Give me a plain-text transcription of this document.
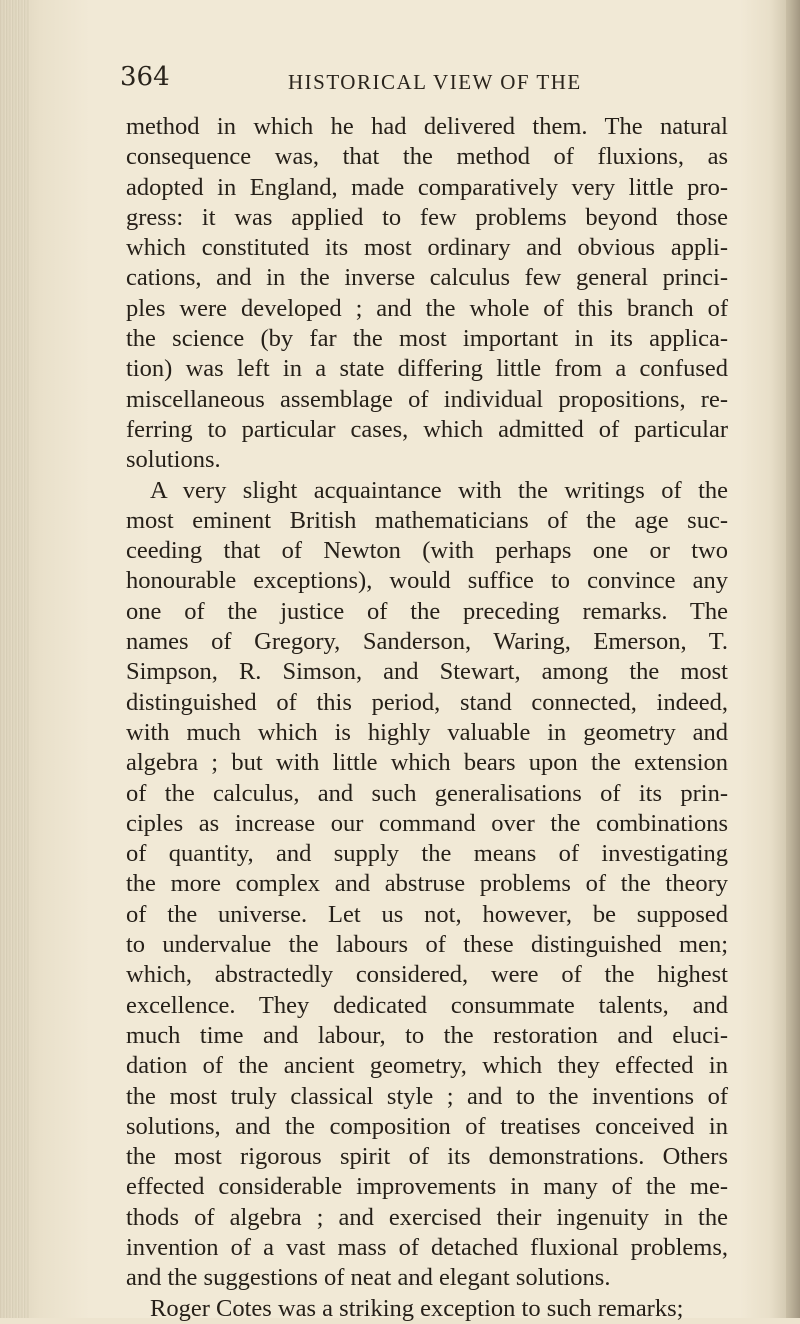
364	HISTORICAL VIEW OF THE
method in which he had delivered them. The natural
consequence was, that the method of fluxions, as
adopted in England, made comparatively very little pro-
gress: it was applied to few problems beyond those
which constituted its most ordinary and obvious appli-
cations, and in the inverse calculus few general princi-
ples were developed ; and the whole of this branch of
the science (by far the most important in its applica-
tion) was left in a state differing little from a confused
miscellaneous assemblage of individual propositions, re-
ferring to particular cases, which admitted of particular
solutions.
A very slight acquaintance with the writings of the
most eminent British mathematicians of the age suc-
ceeding that of Newton (with perhaps one or two
honourable exceptions), would suffice to convince any
one of the justice of the preceding remarks. The
names of Gregory, Sanderson, Waring, Emerson, T.
Simpson, R. Simson, and Stewart, among the most
distinguished of this period, stand connected, indeed,
with much which is highly valuable in geometry and
algebra ; but with little which bears upon the extension
of the calculus, and such generalisations of its prin-
ciples as increase our command over the combinations
of quantity, and supply the means of investigating
the more complex and abstruse problems of the theory
of the universe. Let us not, however, be supposed
to undervalue the labours of these distinguished men;
which, abstractedly considered, were of the highest
excellence. They dedicated consummate talents, and
much time and labour, to the restoration and eluci-
dation of the ancient geometry, which they effected in
the most truly classical style ; and to the inventions of
solutions, and the composition of treatises conceived in
the most rigorous spirit of its demonstrations. Others
effected considerable improvements in many of the me-
thods of algebra ; and exercised their ingenuity in the
invention of a vast mass of detached fluxional problems,
and the suggestions of neat and elegant solutions.
Roger Cotes was a striking exception to such remarks;
